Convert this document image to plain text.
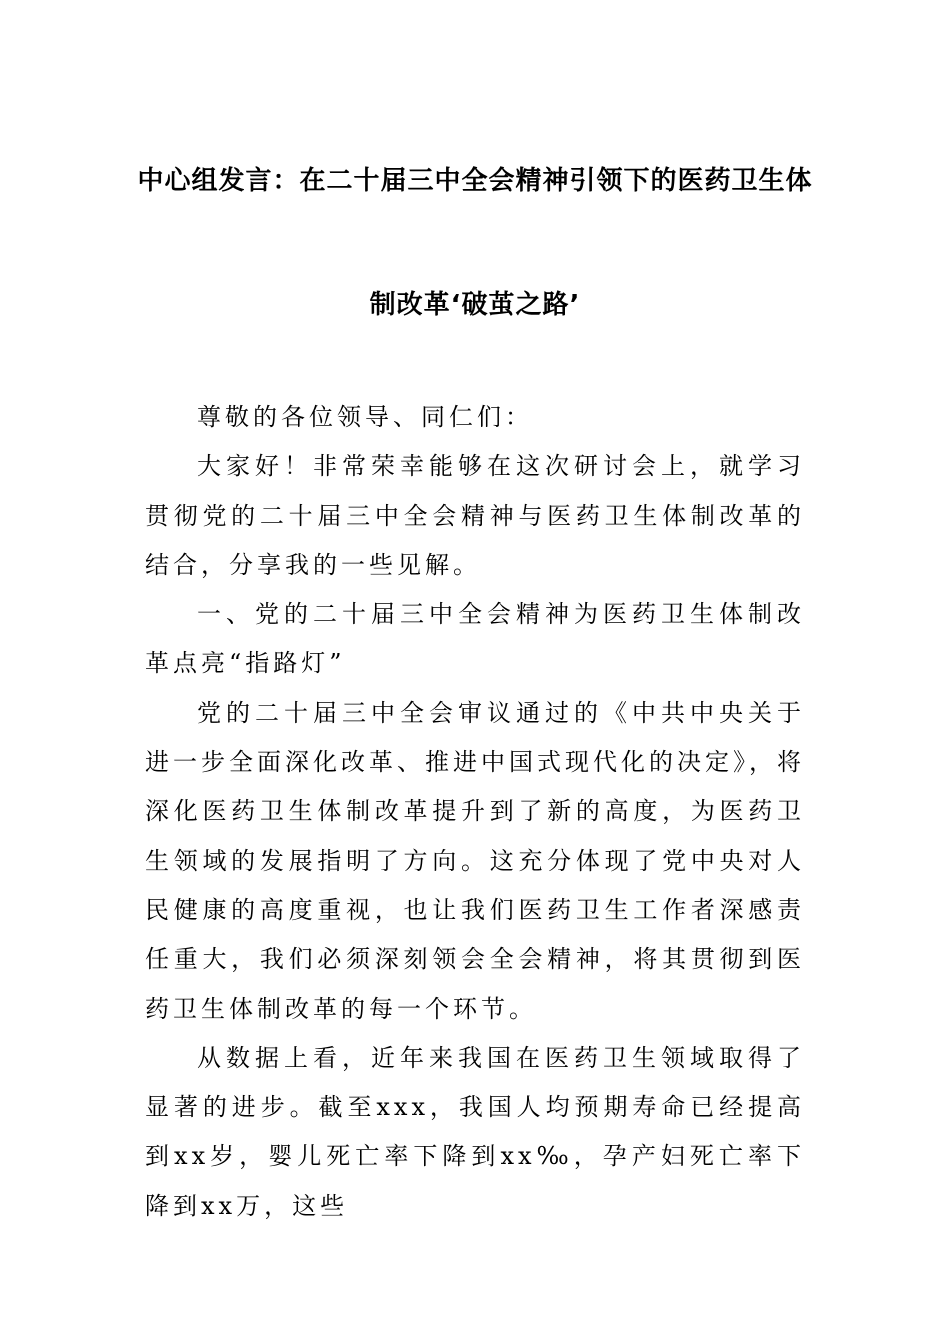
中心组发言：在二十届三中全会精神引领下的医药卫生体
制改革‘破茧之路’

尊敬的各位领导、同仁们：

大家好！非常荣幸能够在这次研讨会上，就学习贯彻党的二十届三中全会精神与医药卫生体制改革的结合，分享我的一些见解。

一、党的二十届三中全会精神为医药卫生体制改革点亮“指路灯”

党的二十届三中全会审议通过的《中共中央关于进一步全面深化改革、推进中国式现代化的决定》，将深化医药卫生体制改革提升到了新的高度，为医药卫生领域的发展指明了方向。这充分体现了党中央对人民健康的高度重视，也让我们医药卫生工作者深感责任重大，我们必须深刻领会全会精神，将其贯彻到医药卫生体制改革的每一个环节。

从数据上看，近年来我国在医药卫生领域取得了显著的进步。截至xxx，我国人均预期寿命已经提高到xx岁，婴儿死亡率下降到xx‰，孕产妇死亡率下降到xx万，这些
